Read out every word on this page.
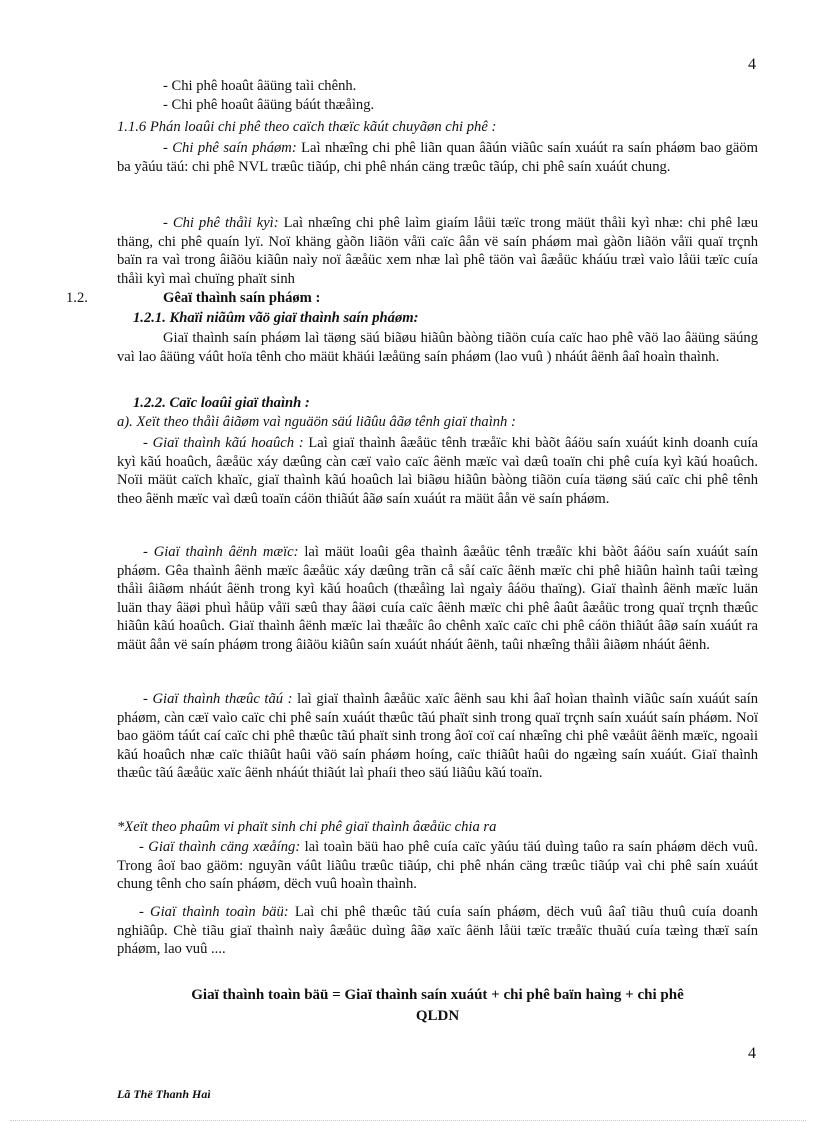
4
- Chi phê hoaût âäüng taìi chênh.
- Chi phê hoaût âäüng báút thæåìng.
1.1.6 Phán loaûi chi phê theo caïch thæïc kãút chuyãøn chi phê :
- Chi phê saín pháøm: Laì nhæîng chi phê liãn quan âãún viãûc saín xuáút ra saín pháøm bao gäöm ba yãúu täú: chi phê NVL træûc tiãúp, chi phê nhán cäng træûc tãúp, chi phê saín xuáút chung.
- Chi phê thåìi kyì: Laì nhæîng chi phê laìm giaím låüi tæïc trong mäüt thåìi kyì nhæ: chi phê læu thäng, chi phê quaín lyï. Noï khäng gàõn liãön våïi caïc âån vë saín pháøm maì gàõn liãön våïi quaï trçnh baïn ra vaì trong âiãöu kiãûn naìy noï âæåüc xem nhæ laì phê täön vaì âæåüc kháúu træì vaìo låüi tæïc cuía thåìi kyì maì chuïng phaït sinh
1.2.	Gêaï thaình saín pháøm :
1.2.1. Khaïi niãûm vãö giaï thaình saín pháøm:
Giaï thaình saín pháøm laì täøng säú biãøu hiãûn bàòng tiãön cuía caïc hao phê vãö lao âäüng säúng vaì lao âäüng váût hoïa tênh cho mäüt khäúi læåüng saín pháøm (lao vuû ) nháút âënh âaî hoaìn thaình.
1.2.2. Caïc loaûi giaï thaình :
a). Xeït theo thåìi âiãøm vaì nguäön säú liãûu âãø tênh giaï thaình :
- Giaï thaình kãú hoaûch : Laì giaï thaình âæåüc tênh træåïc khi bàõt âáöu saín xuáút kinh doanh cuía kyì kãú hoaûch, âæåüc xáy dæûng càn cæï vaìo caïc âënh mæïc vaì dæû toaïn chi phê cuía kyì kãú hoaûch. Noïi mäüt caïch khaïc, giaï thaình kãú hoaûch laì biãøu hiãûn bàòng tiãön cuía täøng säú caïc chi phê tênh theo âënh mæïc vaì dæû toaïn cáön thiãút âãø saín xuáút ra mäüt âån vë saín pháøm.
- Giaï thaình âënh mæïc: laì mäüt loaûi gêa thaình âæåüc tênh træåïc khi bàõt âáöu saín xuáút saín pháøm. Gêa thaình âënh mæïc âæåüc xáy dæûng trãn cå såí caïc âënh mæïc chi phê hiãûn haình taûi tæìng thåìi âiãøm nháút âënh trong kyì kãú hoaûch (thæåìng laì ngaìy âáöu thaïng). Giaï thaình âënh mæïc luän luän thay âäøi phuì håüp våïi sæû thay âäøi cuía caïc âënh mæïc chi phê âaût âæåüc trong quaï trçnh thæûc hiãûn kãú hoaûch. Giaï thaình âënh mæïc laì thæåïc âo chênh xaïc caïc chi phê cáön thiãút âãø saín xuáút ra mäüt âån vë saín pháøm trong âiãöu kiãûn saín xuáút nháút âënh, taûi nhæîng thåìi âiãøm nháút âënh.
- Giaï thaình thæûc tãú : laì giaï thaình âæåüc xaïc âënh sau khi âaî hoìan thaình viãûc saín xuáút saín pháøm, càn cæï vaìo caïc chi phê saín xuáút thæûc tãú phaït sinh trong quaï trçnh saín xuáút saín pháøm. Noï bao gäöm táút caí caïc chi phê thæûc tãú phaït sinh trong âoï coï caí nhæîng chi phê væåüt âënh mæïc, ngoaìi kãú hoaûch nhæ caïc thiãût haûi vãö saín pháøm hoíng, caïc thiãût haûi do ngæìng saín xuáút. Giaï thaình thæûc tãú âæåüc xaïc âënh nháút thiãút laì phaíi theo säú liãûu kãú toaïn.
*Xeït theo phaûm vi phaït sinh chi phê giaï thaình âæåüc chia ra
- Giaï thaình cäng xæåíng: laì toaìn bäü hao phê cuía caïc yãúu täú duìng taûo ra saín pháøm dëch vuû. Trong âoï bao gäöm: nguyãn váût liãûu træûc tiãúp, chi phê nhán cäng træûc tiãúp vaì chi phê saín xuáút chung tênh cho saín pháøm, dëch vuû hoaìn thaình.
- Giaï thaình toaìn bäü: Laì chi phê thæûc tãú cuía saín pháøm, dëch vuû âaî tiãu thuû cuía doanh nghiãûp. Chè tiãu giaï thaình naìy âæåüc duìng âãø xaïc âënh låüi tæïc træåïc thuãú cuía tæìng thæï saín pháøm, lao vuû ....
Giaï thaình toaìn bäü = Giaï thaình saín xuáút + chi phê baïn haìng + chi phê
QLDN
4
Lã Thë Thanh Haì
